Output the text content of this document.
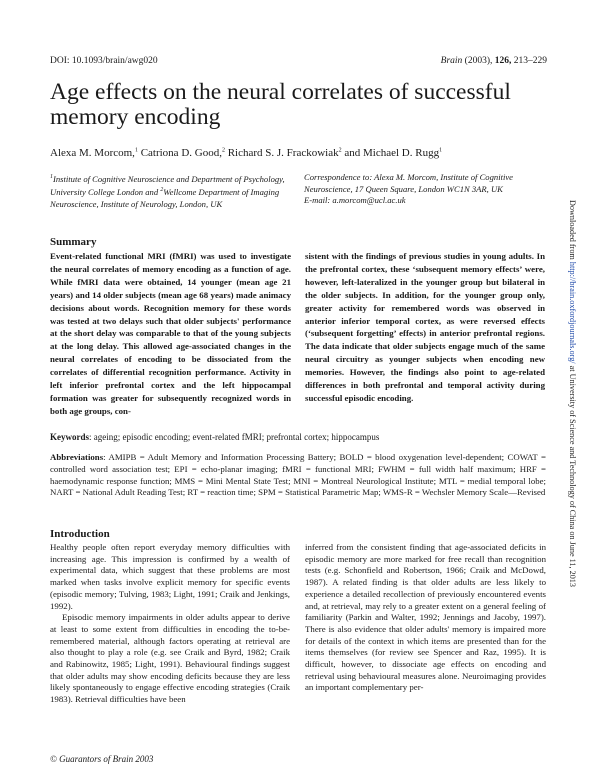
DOI: 10.1093/brain/awg020	Brain (2003), 126, 213–229
Age effects on the neural correlates of successful memory encoding
Alexa M. Morcom,$^1$ Catriona D. Good,$^2$ Richard S. J. Frackowiak$^2$ and Michael D. Rugg$^1$
$^1$Institute of Cognitive Neuroscience and Department of Psychology, University College London and $^2$Wellcome Department of Imaging Neuroscience, Institute of Neurology, London, UK
Correspondence to: Alexa M. Morcom, Institute of Cognitive Neuroscience, 17 Queen Square, London WC1N 3AR, UK
E-mail: a.morcom@ucl.ac.uk
Summary
Event-related functional MRI (fMRI) was used to investigate the neural correlates of memory encoding as a function of age. While fMRI data were obtained, 14 younger (mean age 21 years) and 14 older subjects (mean age 68 years) made animacy decisions about words. Recognition memory for these words was tested at two delays such that older subjects' performance at the short delay was comparable to that of the young subjects at the long delay. This allowed age-associated changes in the neural correlates of encoding to be dissociated from the correlates of differential recognition performance. Activity in left inferior prefrontal cortex and the left hippocampal formation was greater for subsequently recognized words in both age groups, con-
sistent with the findings of previous studies in young adults. In the prefrontal cortex, these ‘subsequent memory effects’ were, however, left-lateralized in the younger group but bilateral in the older subjects. In addition, for the younger group only, greater activity for remembered words was observed in anterior inferior temporal cortex, as were reversed effects (‘subsequent forgetting’ effects) in anterior prefrontal regions. The data indicate that older subjects engage much of the same neural circuitry as younger subjects when encoding new memories. However, the findings also point to age-related differences in both prefrontal and temporal activity during successful episodic encoding.
Keywords: ageing; episodic encoding; event-related fMRI; prefrontal cortex; hippocampus
Abbreviations: AMIPB = Adult Memory and Information Processing Battery; BOLD = blood oxygenation level-dependent; COWAT = controlled word association test; EPI = echo-planar imaging; fMRI = functional MRI; FWHM = full width half maximum; HRF = haemodynamic response function; MMS = Mini Mental State Test; MNI = Montreal Neurological Institute; MTL = medial temporal lobe; NART = National Adult Reading Test; RT = reaction time; SPM = Statistical Parametric Map; WMS-R = Wechsler Memory Scale—Revised
Introduction

Healthy people often report everyday memory difficulties with increasing age. This impression is confirmed by a wealth of experimental data, which suggest that these problems are most marked when tasks involve explicit memory for specific events (episodic memory; Tulving, 1983; Light, 1991; Craik and Jenkings, 1992).

Episodic memory impairments in older adults appear to derive at least to some extent from difficulties in encoding the to-be-remembered material, although factors operating at retrieval are also thought to play a role (e.g. see Craik and Byrd, 1982; Craik and Rabinowitz, 1985; Light, 1991). Behavioural findings suggest that older adults may show encoding deficits because they are less likely spontaneously to engage effective encoding strategies (Craik 1983). Retrieval difficulties have been

inferred from the consistent finding that age-associated deficits in episodic memory are more marked for free recall than recognition tests (e.g. Schonfield and Robertson, 1966; Craik and McDowd, 1987). A related finding is that older adults are less likely to experience a detailed recollection of previously encountered events and, at retrieval, may rely to a greater extent on a general feeling of familiarity (Parkin and Walter, 1992; Jennings and Jacoby, 1997). There is also evidence that older adults' memory is impaired more for details of the context in which items are presented than for the items themselves (for review see Spencer and Raz, 1995). It is difficult, however, to dissociate age effects on encoding and retrieval using behavioural measures alone. Neuroimaging provides an important complementary per-

© Guarantors of Brain 2003
Downloaded from http://brain.oxfordjournals.org/ at University of Science and Technology of China on June 11, 2013
